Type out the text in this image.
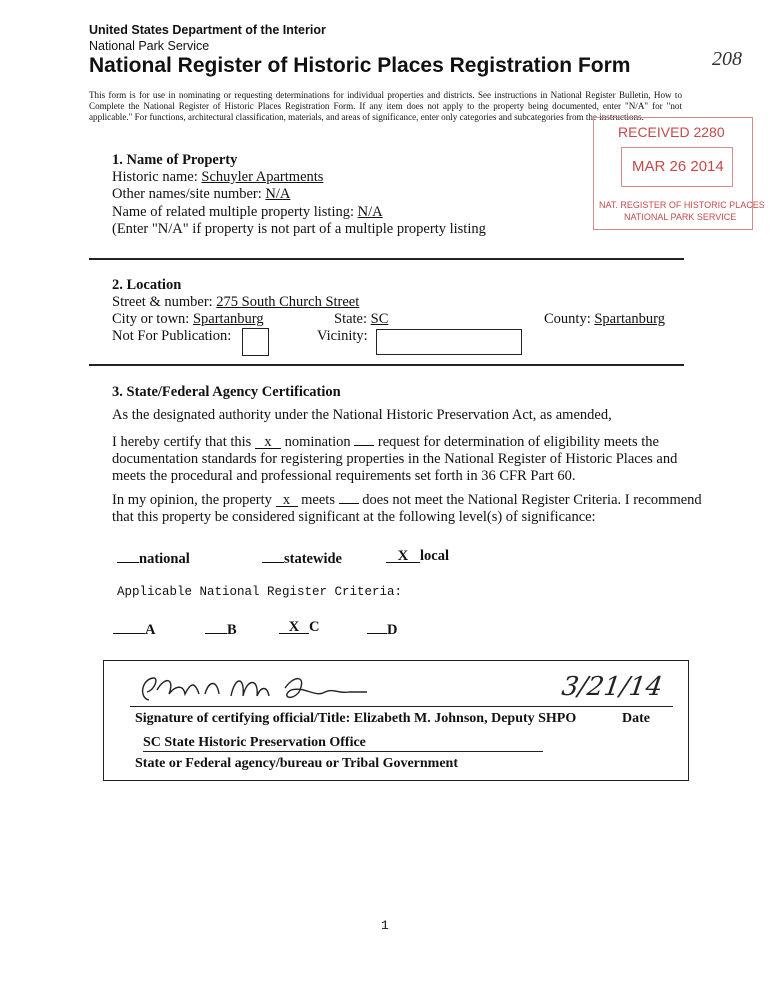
United States Department of the Interior
National Park Service
National Register of Historic Places Registration Form	208
This form is for use in nominating or requesting determinations for individual properties and districts. See instructions in National Register Bulletin, How to Complete the National Register of Historic Places Registration Form. If any item does not apply to the property being documented, enter "N/A" for "not applicable." For functions, architectural classification, materials, and areas of significance, enter only categories and subcategories from the instructions.
RECEIVED 2280
MAR 26 2014
NAT. REGISTER OF HISTORIC PLACES
NATIONAL PARK SERVICE
1. Name of Property
Historic name: Schuyler Apartments
Other names/site number: N/A
Name of related multiple property listing: N/A
(Enter "N/A" if property is not part of a multiple property listing
2. Location
Street & number: 275 South Church Street
City or town: Spartanburg	State: SC	County: Spartanburg
Not For Publication:	Vicinity:
3. State/Federal Agency Certification
As the designated authority under the National Historic Preservation Act, as amended,
I hereby certify that this x nomination request for determination of eligibility meets the documentation standards for registering properties in the National Register of Historic Places and meets the procedural and professional requirements set forth in 36 CFR Part 60.
In my opinion, the property x meets does not meet the National Register Criteria. I recommend that this property be considered significant at the following level(s) of significance:
national	statewide	X local
Applicable National Register Criteria:
A	B	X C	D
3/21/14
Signature of certifying official/Title: Elizabeth M. Johnson, Deputy SHPO	Date
SC State Historic Preservation Office
State or Federal agency/bureau or Tribal Government
1
